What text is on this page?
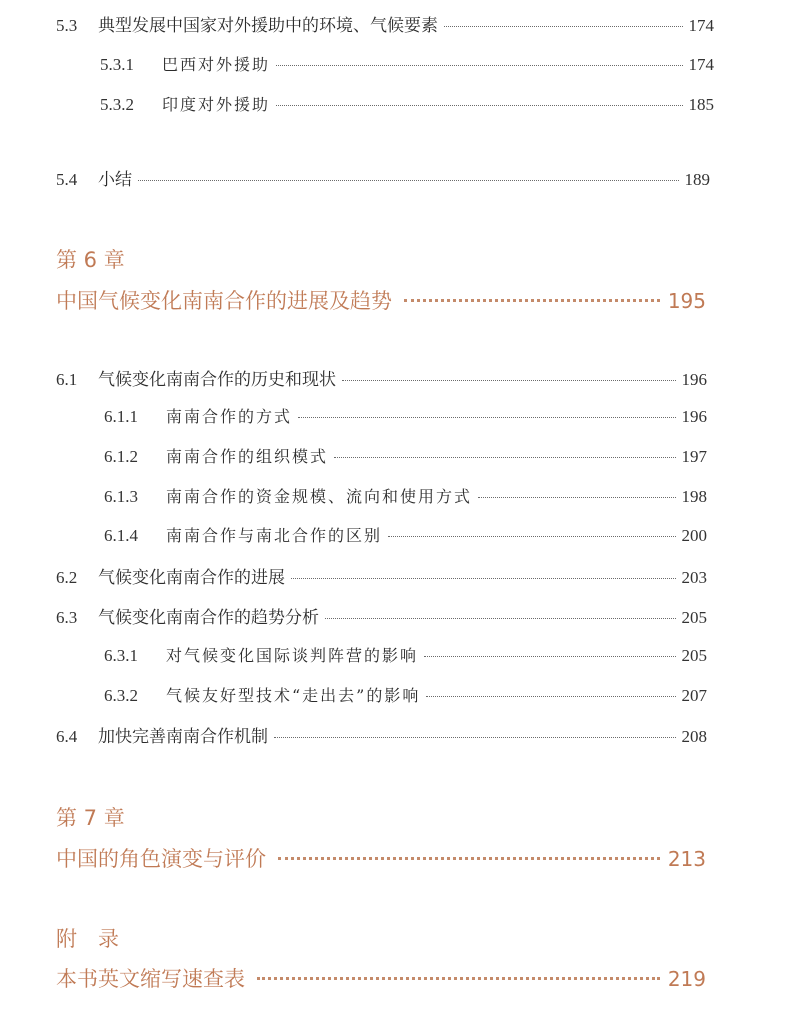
5.3	典型发展中国家对外援助中的环境、气候要素	174
5.3.1	巴西对外援助	174
5.3.2	印度对外援助	185
5.4	小结	189
第 6 章
中国气候变化南南合作的进展及趋势	195
6.1	气候变化南南合作的历史和现状	196
6.1.1	南南合作的方式	196
6.1.2	南南合作的组织模式	197
6.1.3	南南合作的资金规模、流向和使用方式	198
6.1.4	南南合作与南北合作的区别	200
6.2	气候变化南南合作的进展	203
6.3	气候变化南南合作的趋势分析	205
6.3.1	对气候变化国际谈判阵营的影响	205
6.3.2	气候友好型技术“走出去”的影响	207
6.4	加快完善南南合作机制	208
第 7 章
中国的角色演变与评价	213
附　录
本书英文缩写速查表	219
